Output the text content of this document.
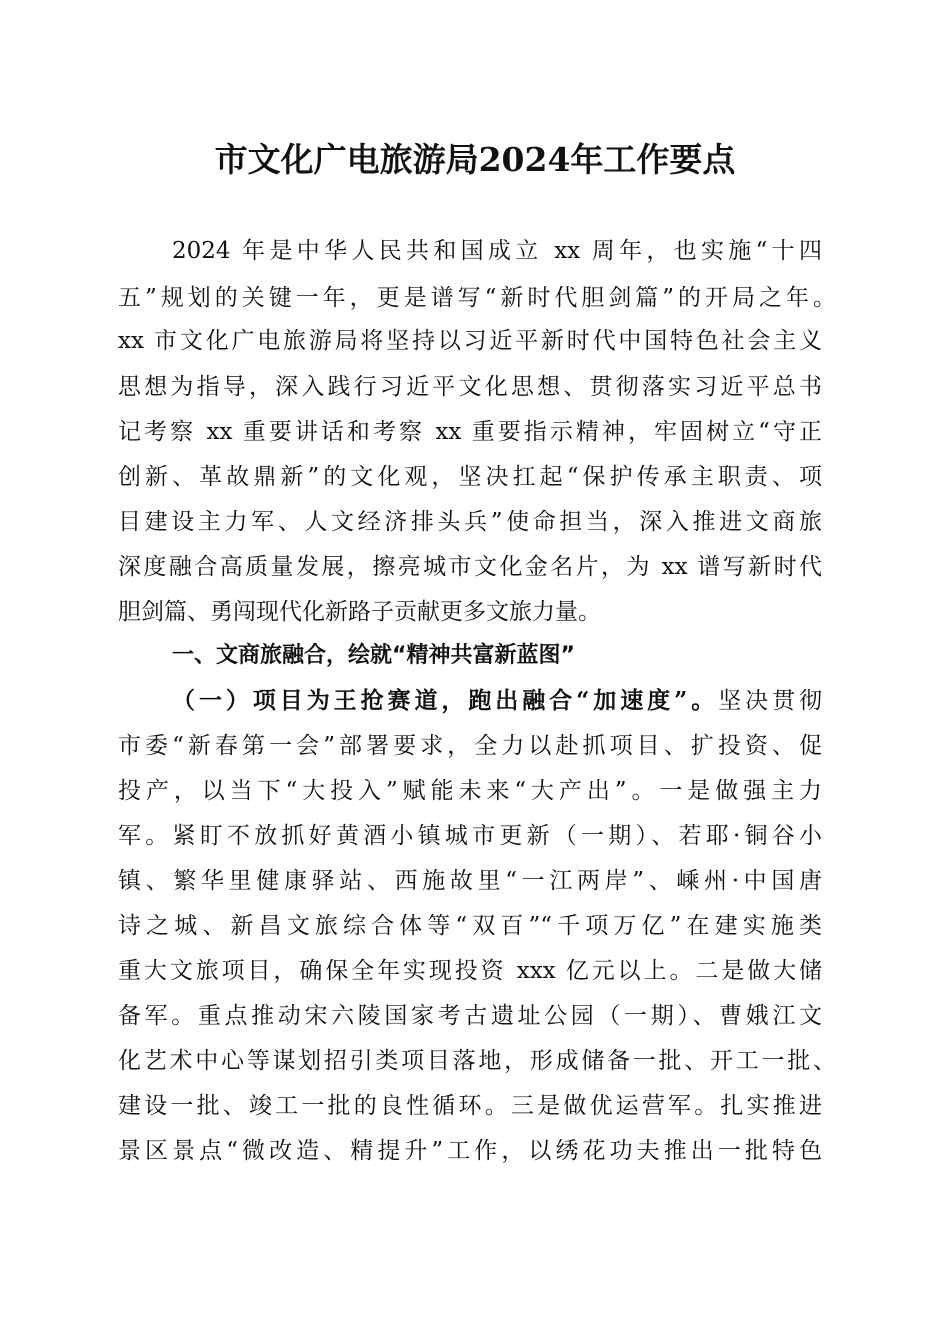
市文化广电旅游局2024年工作要点
2024 年是中华人民共和国成立 xx 周年，也实施“十四
五”规划的关键一年，更是谱写“新时代胆剑篇”的开局之年。
xx 市文化广电旅游局将坚持以习近平新时代中国特色社会主义
思想为指导，深入践行习近平文化思想、贯彻落实习近平总书
记考察 xx 重要讲话和考察 xx 重要指示精神，牢固树立“守正
创新、革故鼎新”的文化观，坚决扛起“保护传承主职责、项
目建设主力军、人文经济排头兵”使命担当，深入推进文商旅
深度融合高质量发展，擦亮城市文化金名片，为 xx 谱写新时代
胆剑篇、勇闯现代化新路子贡献更多文旅力量。
一、文商旅融合，绘就“精神共富新蓝图”
（一）项目为王抢赛道，跑出融合“加速度”。坚决贯彻
市委“新春第一会”部署要求，全力以赴抓项目、扩投资、促
投产，以当下“大投入”赋能未来“大产出”。一是做强主力
军。紧盯不放抓好黄酒小镇城市更新（一期）、若耶·铜谷小
镇、繁华里健康驿站、西施故里“一江两岸”、嵊州·中国唐
诗之城、新昌文旅综合体等“双百”“千项万亿”在建实施类
重大文旅项目，确保全年实现投资 xxx 亿元以上。二是做大储
备军。重点推动宋六陵国家考古遗址公园（一期）、曹娥江文
化艺术中心等谋划招引类项目落地，形成储备一批、开工一批、
建设一批、竣工一批的良性循环。三是做优运营军。扎实推进
景区景点“微改造、精提升”工作，以绣花功夫推出一批特色
